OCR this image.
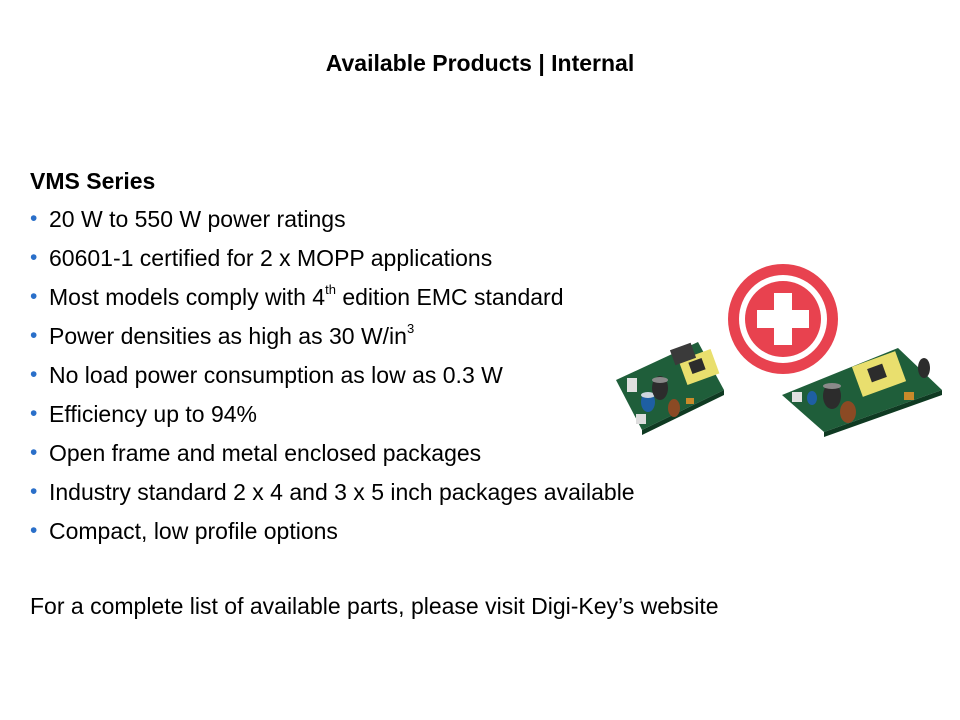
Available Products | Internal
VMS Series
• 20 W to 550 W power ratings
• 60601-1 certified for 2 x MOPP applications
• Most models comply with 4th edition EMC standard
• Power densities as high as 30 $W/in^3$
• No load power consumption as low as 0.3 W
• Efficiency up to 94%
• Open frame and metal enclosed packages
• Industry standard 2 x 4 and 3 x 5 inch packages available
• Compact, low profile options
For a complete list of available parts, please visit Digi-Key’s website
